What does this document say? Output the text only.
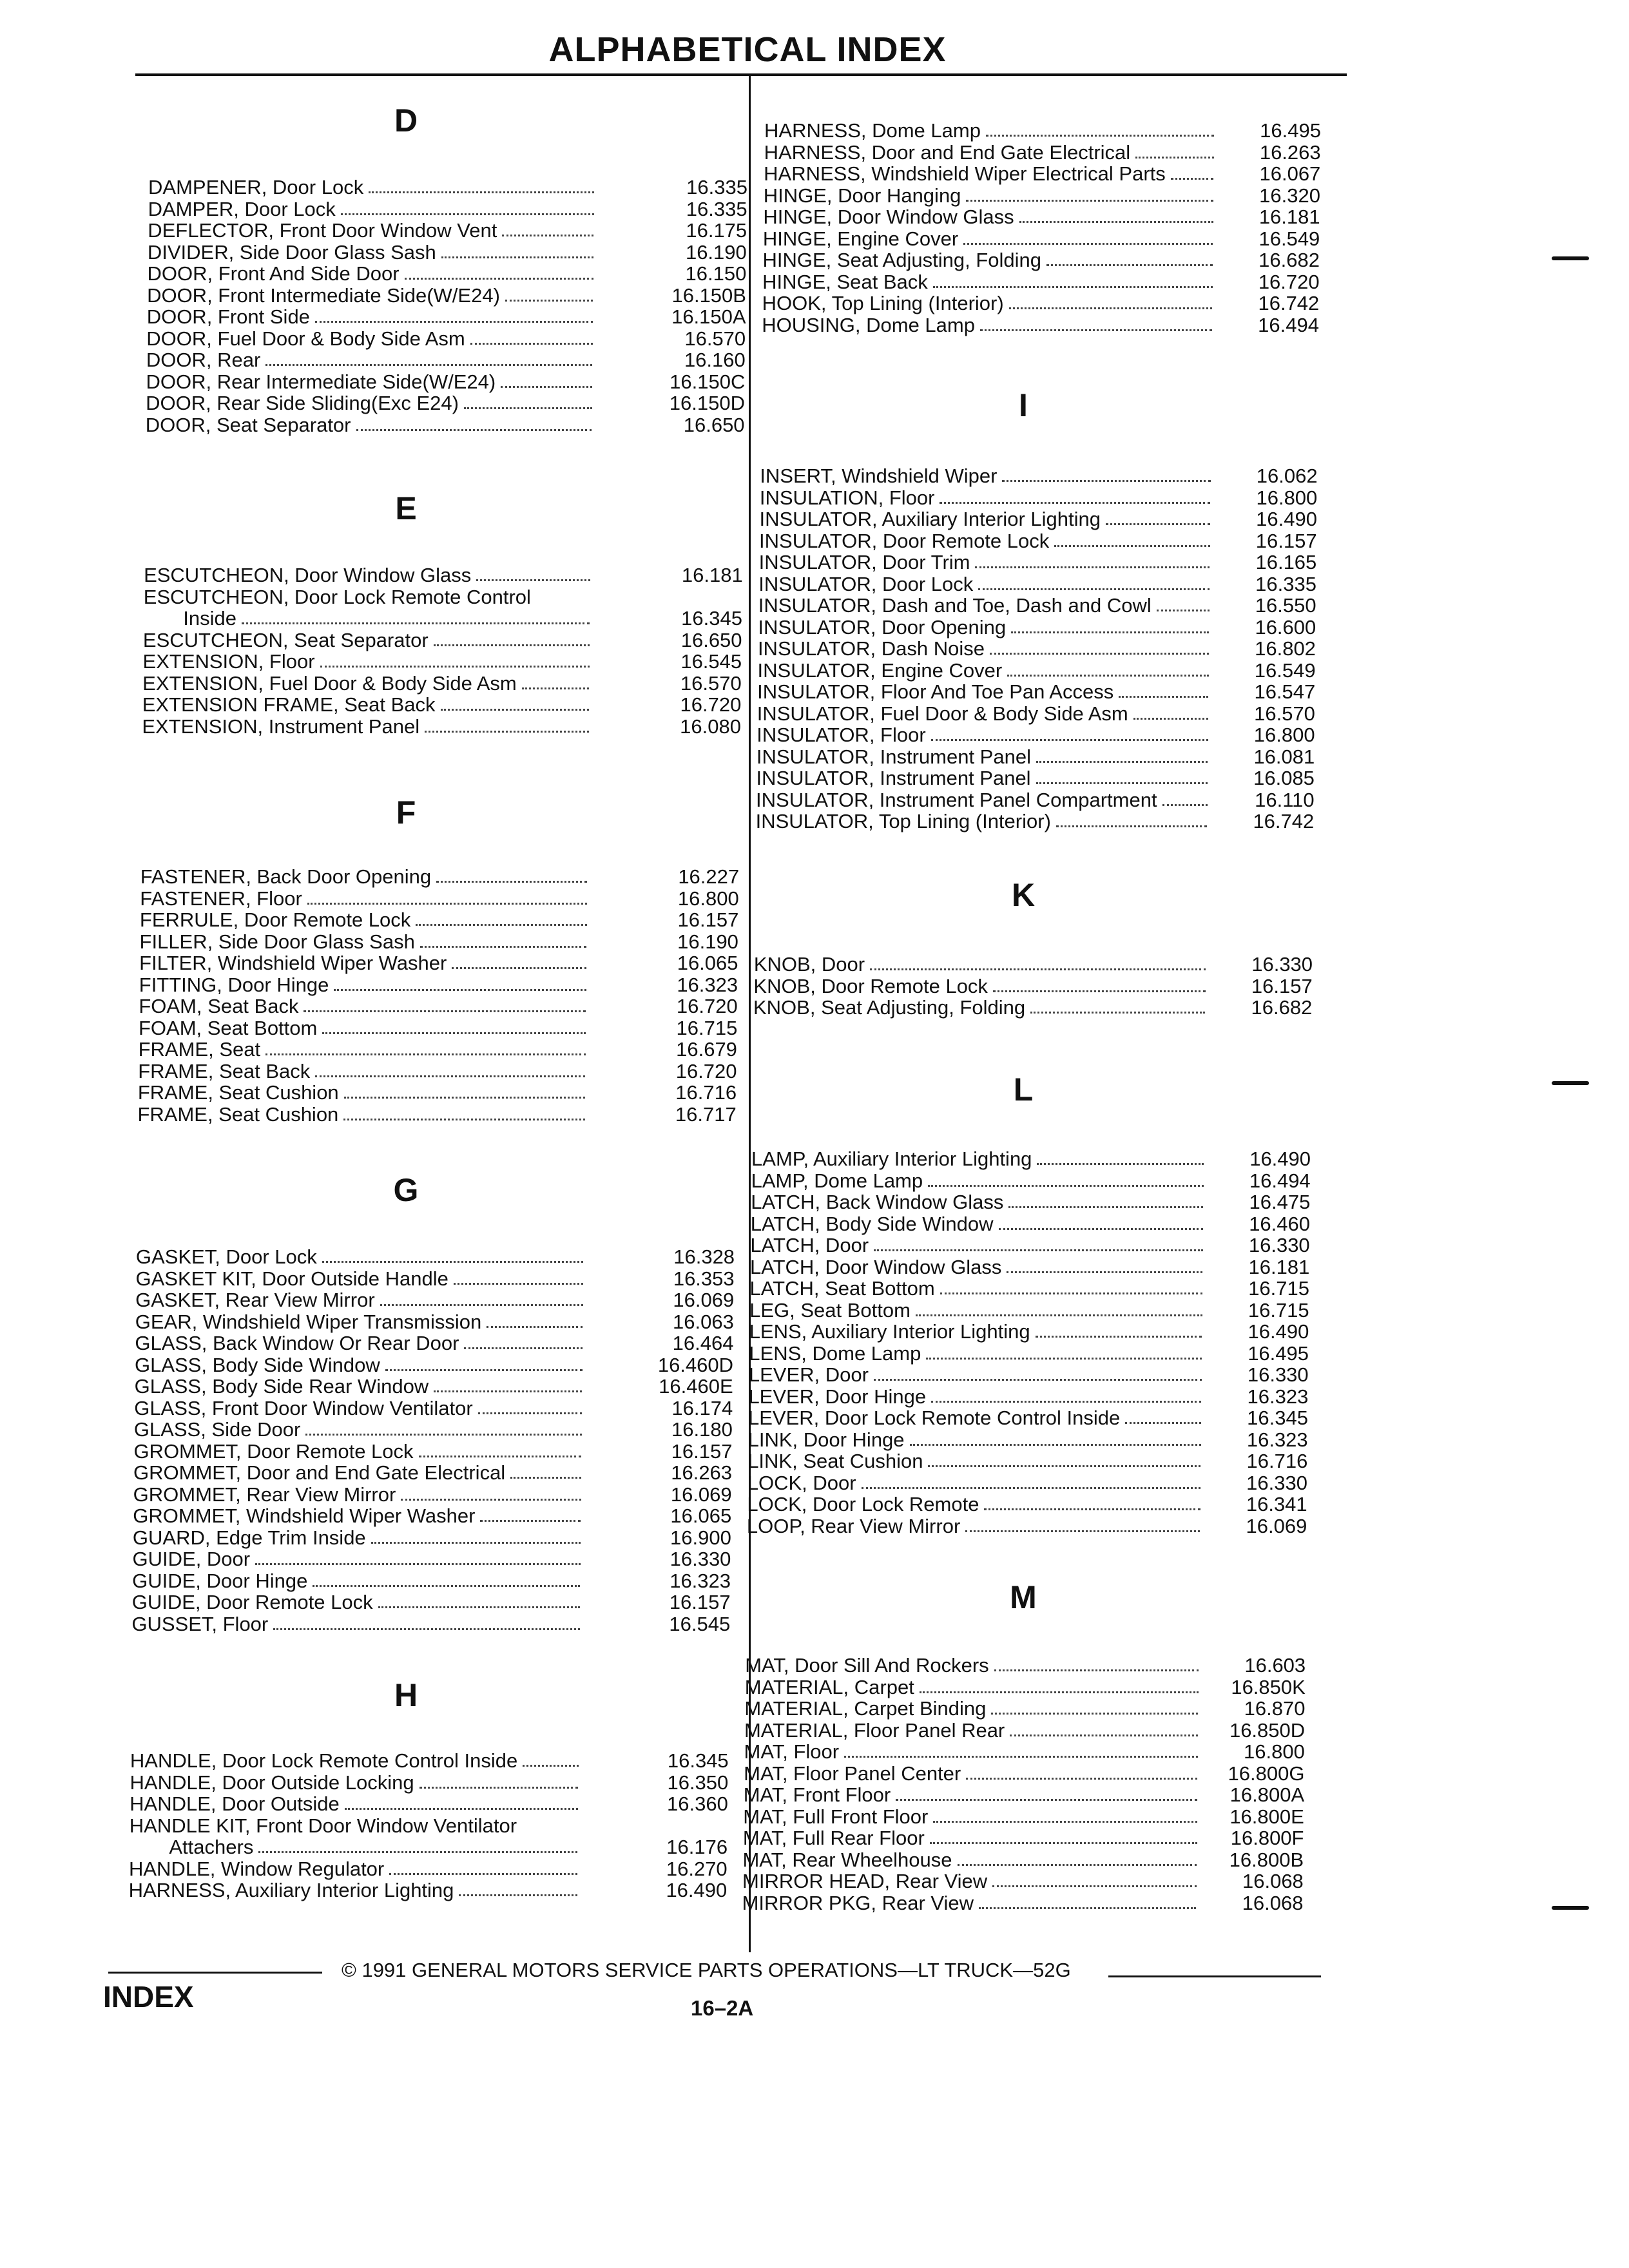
ALPHABETICAL INDEX
D
DAMPENER, Door Lock	16.335
DAMPER, Door Lock	16.335
DEFLECTOR, Front Door Window Vent	16.175
DIVIDER, Side Door Glass Sash	16.190
DOOR, Front And Side Door	16.150
DOOR, Front Intermediate Side(W/E24)	16.150B
DOOR, Front Side	16.150A
DOOR, Fuel Door & Body Side Asm	16.570
DOOR, Rear	16.160
DOOR, Rear Intermediate Side(W/E24)	16.150C
DOOR, Rear Side Sliding(Exc E24)	16.150D
DOOR, Seat Separator	16.650
E
ESCUTCHEON, Door Window Glass	16.181
ESCUTCHEON, Door Lock Remote Control
Inside	16.345
ESCUTCHEON, Seat Separator	16.650
EXTENSION, Floor	16.545
EXTENSION, Fuel Door & Body Side Asm	16.570
EXTENSION FRAME, Seat Back	16.720
EXTENSION, Instrument Panel	16.080
F
FASTENER, Back Door Opening	16.227
FASTENER, Floor	16.800
FERRULE, Door Remote Lock	16.157
FILLER, Side Door Glass Sash	16.190
FILTER, Windshield Wiper Washer	16.065
FITTING, Door Hinge	16.323
FOAM, Seat Back	16.720
FOAM, Seat Bottom	16.715
FRAME, Seat	16.679
FRAME, Seat Back	16.720
FRAME, Seat Cushion	16.716
FRAME, Seat Cushion	16.717
G
GASKET, Door Lock	16.328
GASKET KIT, Door Outside Handle	16.353
GASKET, Rear View Mirror	16.069
GEAR, Windshield Wiper Transmission	16.063
GLASS, Back Window Or Rear Door	16.464
GLASS, Body Side Window	16.460D
GLASS, Body Side Rear Window	16.460E
GLASS, Front Door Window Ventilator	16.174
GLASS, Side Door	16.180
GROMMET, Door Remote Lock	16.157
GROMMET, Door and End Gate Electrical	16.263
GROMMET, Rear View Mirror	16.069
GROMMET, Windshield Wiper Washer	16.065
GUARD, Edge Trim Inside	16.900
GUIDE, Door	16.330
GUIDE, Door Hinge	16.323
GUIDE, Door Remote Lock	16.157
GUSSET, Floor	16.545
H
HANDLE, Door Lock Remote Control Inside	16.345
HANDLE, Door Outside Locking	16.350
HANDLE, Door Outside	16.360
HANDLE KIT, Front Door Window Ventilator
Attachers	16.176
HANDLE, Window Regulator	16.270
HARNESS, Auxiliary Interior Lighting	16.490
HARNESS, Dome Lamp	16.495
HARNESS, Door and End Gate Electrical	16.263
HARNESS, Windshield Wiper Electrical Parts	16.067
HINGE, Door Hanging	16.320
HINGE, Door Window Glass	16.181
HINGE, Engine Cover	16.549
HINGE, Seat Adjusting, Folding	16.682
HINGE, Seat Back	16.720
HOOK, Top Lining (Interior)	16.742
HOUSING, Dome Lamp	16.494
I
INSERT, Windshield Wiper	16.062
INSULATION, Floor	16.800
INSULATOR, Auxiliary Interior Lighting	16.490
INSULATOR, Door Remote Lock	16.157
INSULATOR, Door Trim	16.165
INSULATOR, Door Lock	16.335
INSULATOR, Dash and Toe, Dash and Cowl	16.550
INSULATOR, Door Opening	16.600
INSULATOR, Dash Noise	16.802
INSULATOR, Engine Cover	16.549
INSULATOR, Floor And Toe Pan Access	16.547
INSULATOR, Fuel Door & Body Side Asm	16.570
INSULATOR, Floor	16.800
INSULATOR, Instrument Panel	16.081
INSULATOR, Instrument Panel	16.085
INSULATOR, Instrument Panel Compartment	16.110
INSULATOR, Top Lining (Interior)	16.742
K
KNOB, Door	16.330
KNOB, Door Remote Lock	16.157
KNOB, Seat Adjusting, Folding	16.682
L
LAMP, Auxiliary Interior Lighting	16.490
LAMP, Dome Lamp	16.494
LATCH, Back Window Glass	16.475
LATCH, Body Side Window	16.460
LATCH, Door	16.330
LATCH, Door Window Glass	16.181
LATCH, Seat Bottom	16.715
LEG, Seat Bottom	16.715
LENS, Auxiliary Interior Lighting	16.490
LENS, Dome Lamp	16.495
LEVER, Door	16.330
LEVER, Door Hinge	16.323
LEVER, Door Lock Remote Control Inside	16.345
LINK, Door Hinge	16.323
LINK, Seat Cushion	16.716
LOCK, Door	16.330
LOCK, Door Lock Remote	16.341
LOOP, Rear View Mirror	16.069
M
MAT, Door Sill And Rockers	16.603
MATERIAL, Carpet	16.850K
MATERIAL, Carpet Binding	16.870
MATERIAL, Floor Panel Rear	16.850D
MAT, Floor	16.800
MAT, Floor Panel Center	16.800G
MAT, Front Floor	16.800A
MAT, Full Front Floor	16.800E
MAT, Full Rear Floor	16.800F
MAT, Rear Wheelhouse	16.800B
MIRROR HEAD, Rear View	16.068
MIRROR PKG, Rear View	16.068
© 1991 GENERAL MOTORS SERVICE PARTS OPERATIONS—LT TRUCK—52G
INDEX	16–2A
